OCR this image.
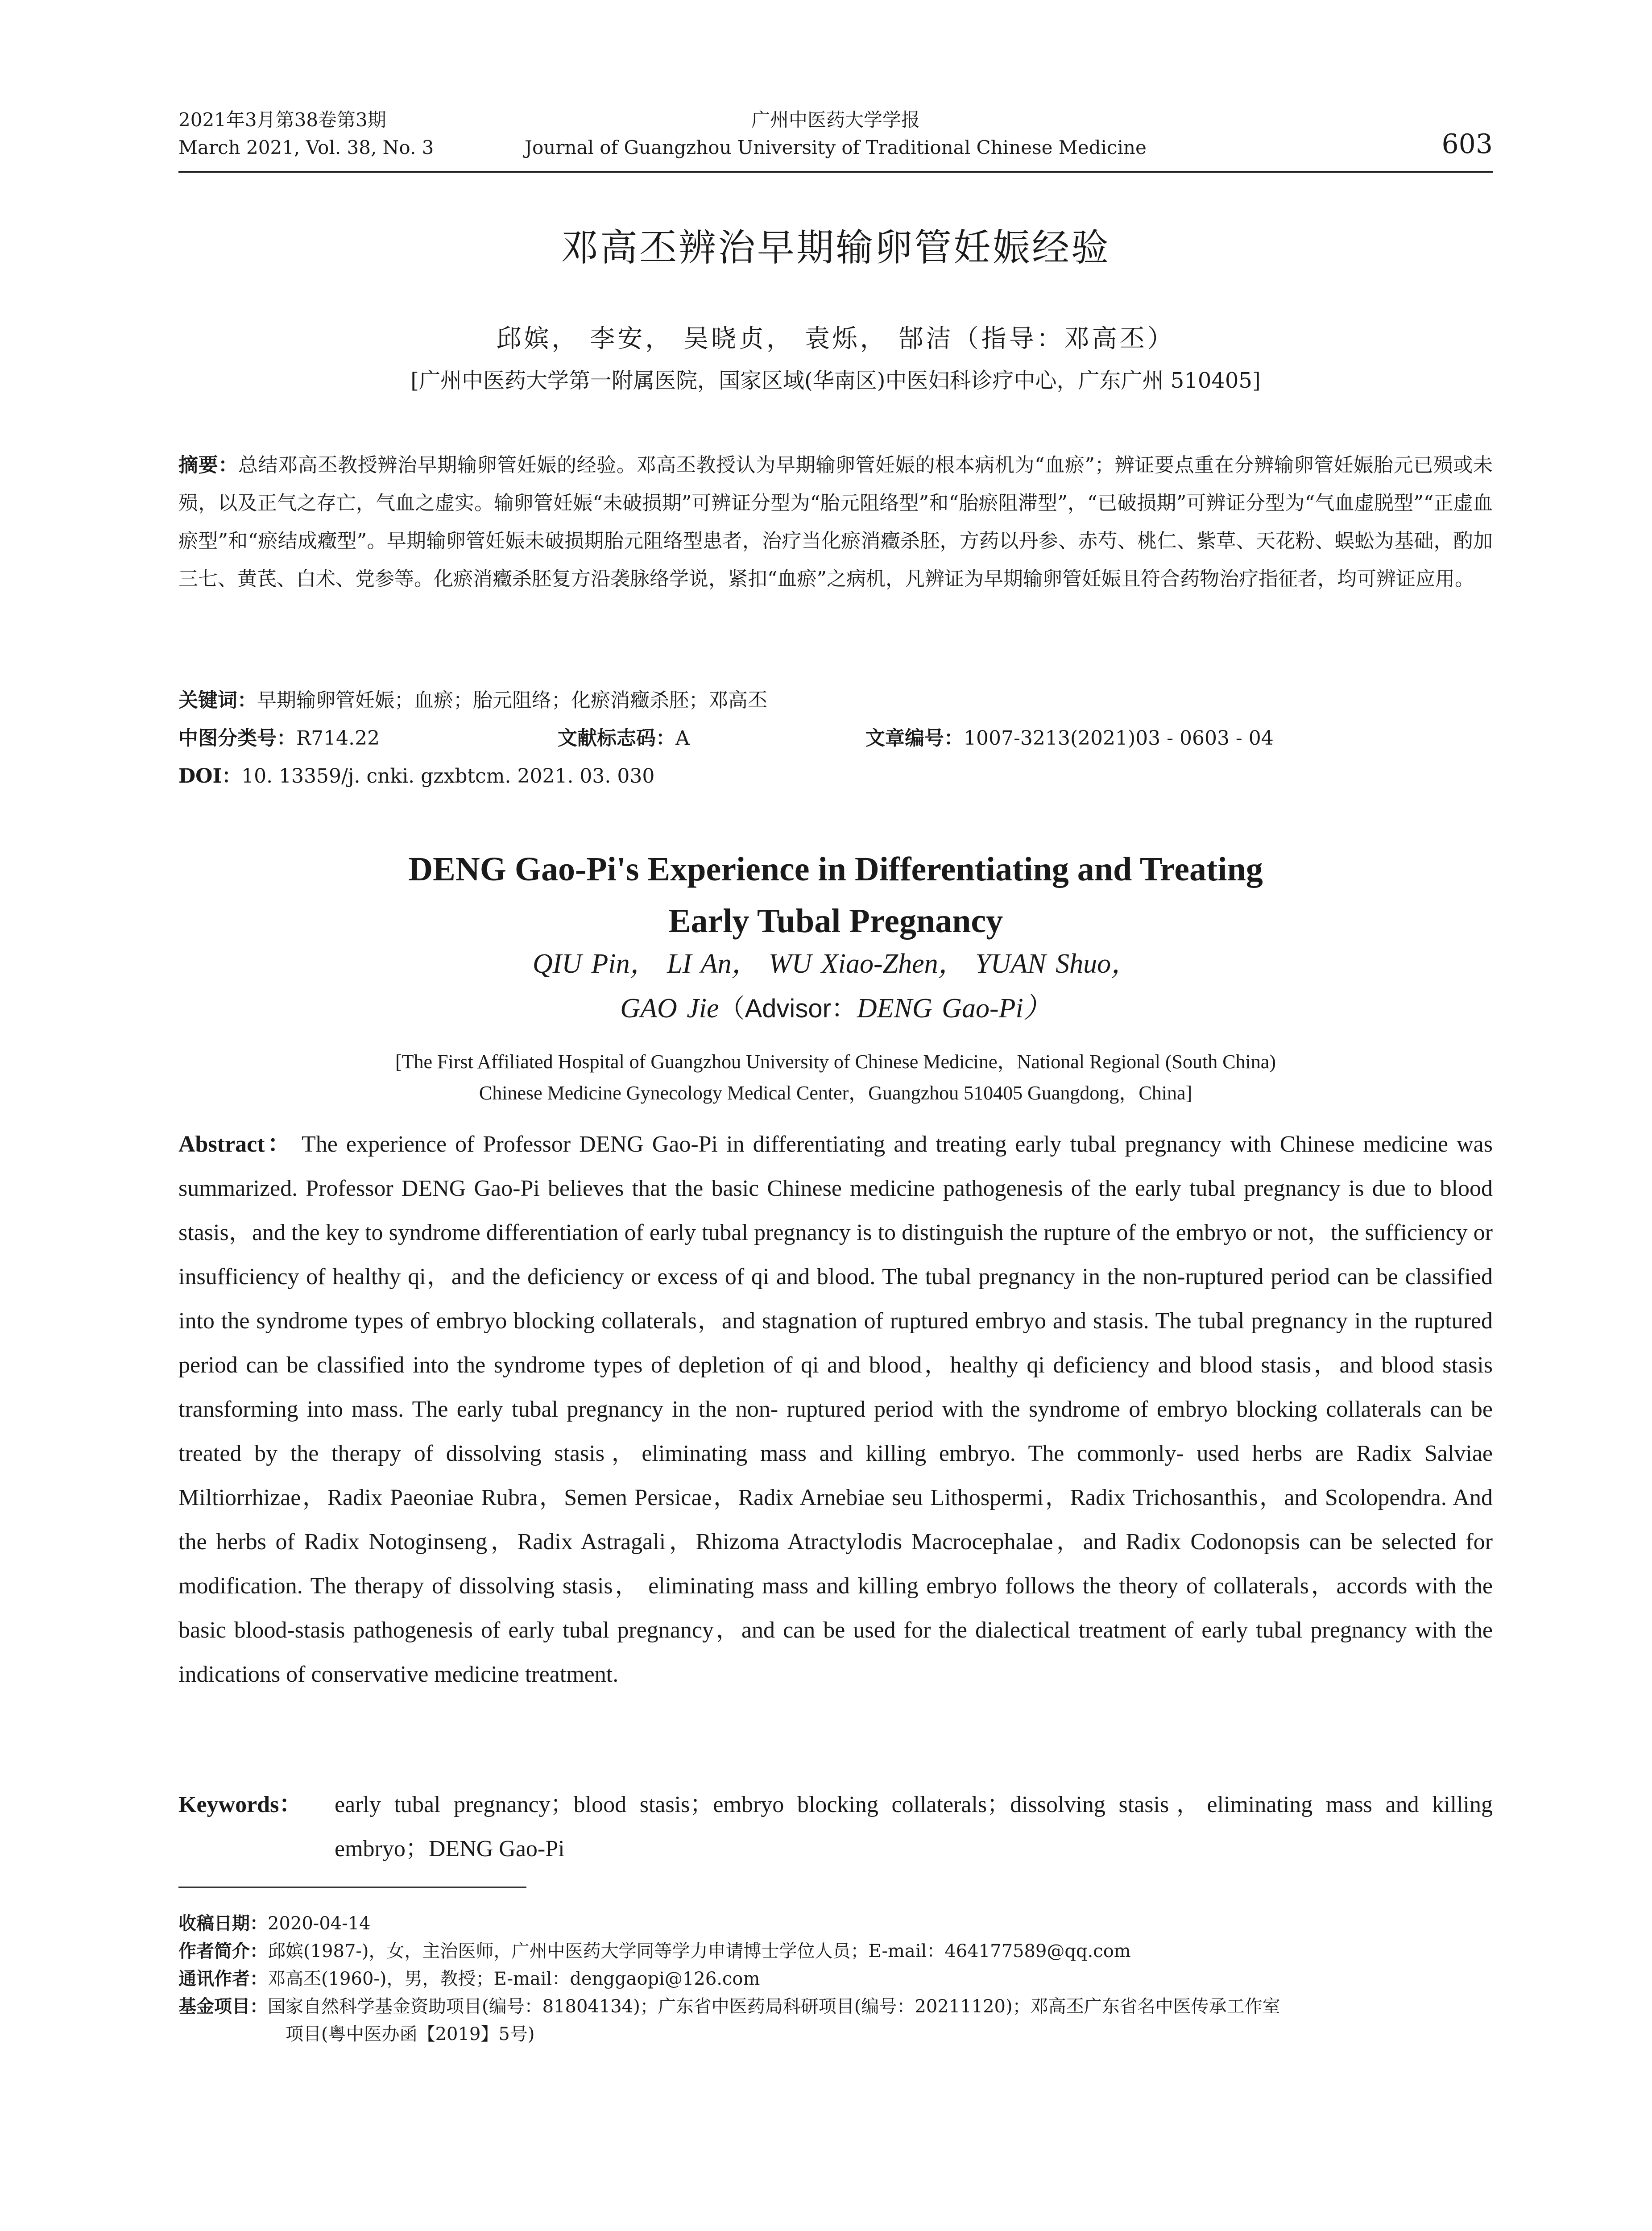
2021年3月第38卷第3期
March 2021, Vol. 38, No. 3
广州中医药大学学报
Journal of Guangzhou University of Traditional Chinese Medicine	603
邓高丕辨治早期输卵管妊娠经验
邱嫔， 李安， 吴晓贞， 袁烁， 郜洁（指导：邓高丕）
[广州中医药大学第一附属医院，国家区域(华南区)中医妇科诊疗中心，广东广州 510405]
摘要：总结邓高丕教授辨治早期输卵管妊娠的经验。邓高丕教授认为早期输卵管妊娠的根本病机为“血瘀”；辨证要点重在分辨输卵管妊娠胎元已殒或未殒，以及正气之存亡，气血之虚实。输卵管妊娠“未破损期”可辨证分型为“胎元阻络型”和“胎瘀阻滞型”，“已破损期”可辨证分型为“气血虚脱型”“正虚血瘀型”和“瘀结成癥型”。早期输卵管妊娠未破损期胎元阻络型患者，治疗当化瘀消癥杀胚，方药以丹参、赤芍、桃仁、紫草、天花粉、蜈蚣为基础，酌加三七、黄芪、白术、党参等。化瘀消癥杀胚复方沿袭脉络学说，紧扣“血瘀”之病机，凡辨证为早期输卵管妊娠且符合药物治疗指征者，均可辨证应用。
关键词：早期输卵管妊娠；血瘀；胎元阻络；化瘀消癥杀胚；邓高丕
中图分类号：R714.22	文献标志码：A	文章编号：1007-3213(2021)03 - 0603 - 04
DOI：10. 13359/j. cnki. gzxbtcm. 2021. 03. 030
DENG Gao-Pi's Experience in Differentiating and Treating
Early Tubal Pregnancy
QIU Pin， LI An， WU Xiao-Zhen， YUAN Shuo，
GAO Jie（Advisor：DENG Gao-Pi）
[The First Affiliated Hospital of Guangzhou University of Chinese Medicine，National Regional (South China)
Chinese Medicine Gynecology Medical Center，Guangzhou 510405 Guangdong，China]
Abstract： The experience of Professor DENG Gao-Pi in differentiating and treating early tubal pregnancy with Chinese medicine was summarized. Professor DENG Gao-Pi believes that the basic Chinese medicine pathogenesis of the early tubal pregnancy is due to blood stasis，and the key to syndrome differentiation of early tubal pregnancy is to distinguish the rupture of the embryo or not，the sufficiency or insufficiency of healthy qi，and the deficiency or excess of qi and blood. The tubal pregnancy in the non-ruptured period can be classified into the syndrome types of embryo blocking collaterals，and stagnation of ruptured embryo and stasis. The tubal pregnancy in the ruptured period can be classified into the syndrome types of depletion of qi and blood，healthy qi deficiency and blood stasis，and blood stasis transforming into mass. The early tubal pregnancy in the non- ruptured period with the syndrome of embryo blocking collaterals can be treated by the therapy of dissolving stasis，eliminating mass and killing embryo. The commonly- used herbs are Radix Salviae Miltiorrhizae，Radix Paeoniae Rubra，Semen Persicae，Radix Arnebiae seu Lithospermi，Radix Trichosanthis，and Scolopendra. And the herbs of Radix Notoginseng，Radix Astragali，Rhizoma Atractylodis Macrocephalae，and Radix Codonopsis can be selected for modification. The therapy of dissolving stasis， eliminating mass and killing embryo follows the theory of collaterals，accords with the basic blood-stasis pathogenesis of early tubal pregnancy，and can be used for the dialectical treatment of early tubal pregnancy with the indications of conservative medicine treatment.
Keywords： early tubal pregnancy；blood stasis；embryo blocking collaterals；dissolving stasis，eliminating mass and killing embryo；DENG Gao-Pi
收稿日期：2020-04-14
作者简介：邱嫔(1987-)，女，主治医师，广州中医药大学同等学力申请博士学位人员；E-mail：464177589@qq.com
通讯作者：邓高丕(1960-)，男，教授；E-mail：denggaopi@126.com
基金项目：国家自然科学基金资助项目(编号：81804134)；广东省中医药局科研项目(编号：20211120)；邓高丕广东省名中医传承工作室
项目(粤中医办函【2019】5号)
